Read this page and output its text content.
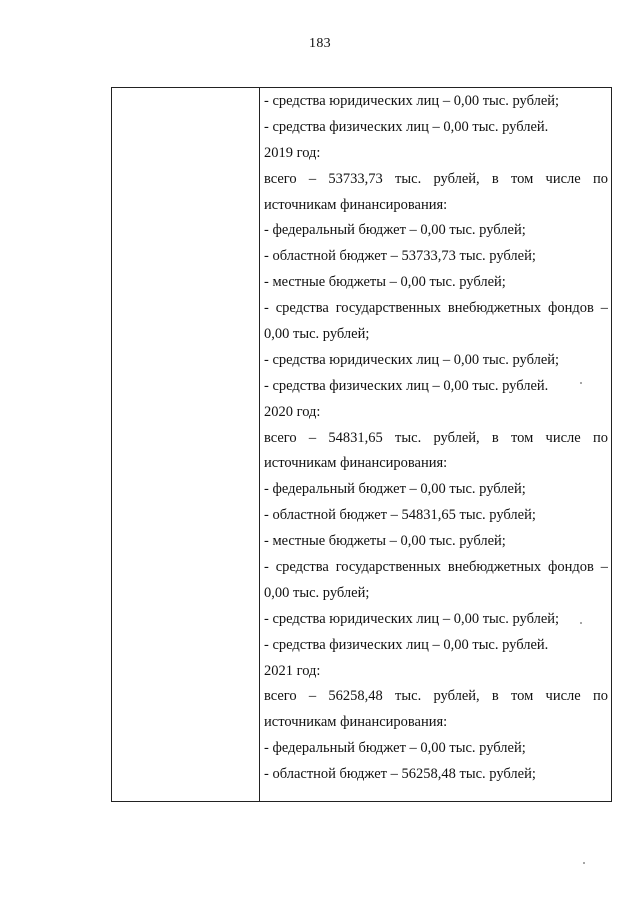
183
- средства юридических лиц – 0,00 тыс. рублей;
- средства физических лиц – 0,00 тыс. рублей.
2019 год:
всего – 53733,73 тыс. рублей, в том числе по
источникам финансирования:
- федеральный бюджет – 0,00 тыс. рублей;
- областной бюджет – 53733,73 тыс. рублей;
- местные бюджеты – 0,00 тыс. рублей;
- средства государственных внебюджетных фондов –
0,00 тыс. рублей;
- средства юридических лиц – 0,00 тыс. рублей;
- средства физических лиц – 0,00 тыс. рублей.
2020 год:
всего – 54831,65 тыс. рублей, в том числе по
источникам финансирования:
- федеральный бюджет – 0,00 тыс. рублей;
- областной бюджет – 54831,65 тыс. рублей;
- местные бюджеты – 0,00 тыс. рублей;
- средства государственных внебюджетных фондов –
0,00 тыс. рублей;
- средства юридических лиц – 0,00 тыс. рублей;
- средства физических лиц – 0,00 тыс. рублей.
2021 год:
всего – 56258,48 тыс. рублей, в том числе по
источникам финансирования:
- федеральный бюджет – 0,00 тыс. рублей;
- областной бюджет – 56258,48 тыс. рублей;
